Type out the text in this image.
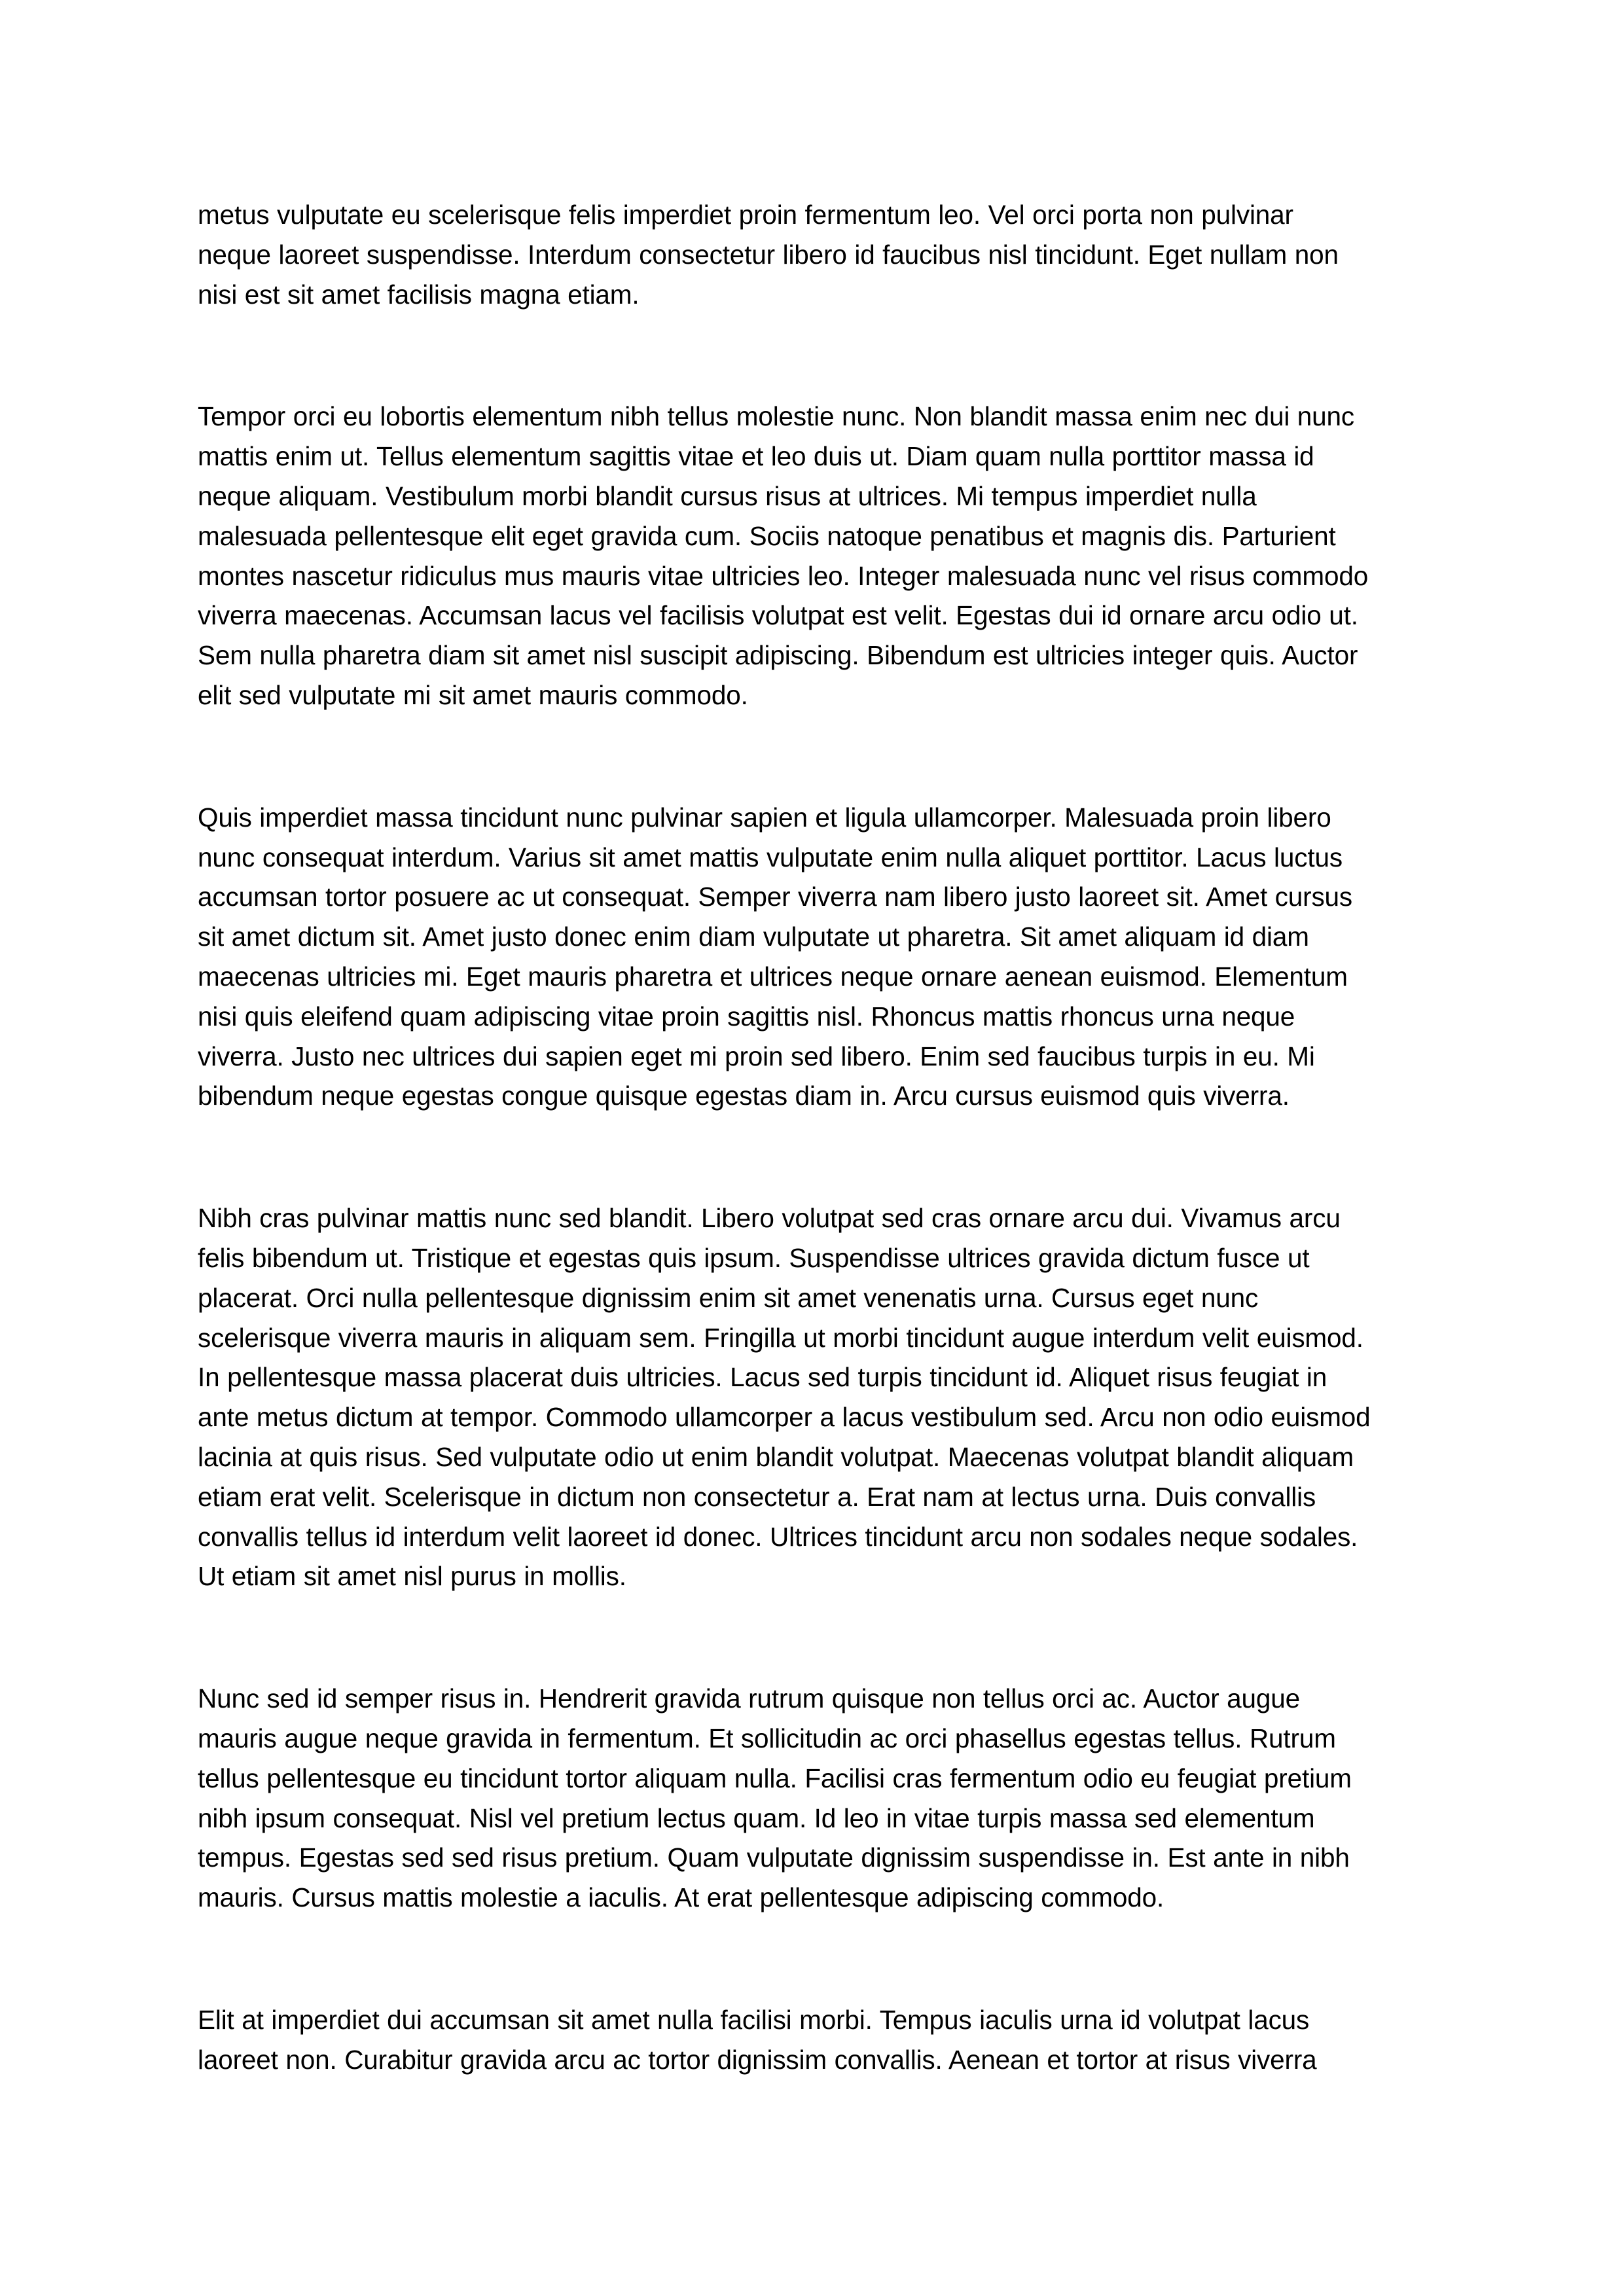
metus vulputate eu scelerisque felis imperdiet proin fermentum leo. Vel orci porta non pulvinar
neque laoreet suspendisse. Interdum consectetur libero id faucibus nisl tincidunt. Eget nullam non
nisi est sit amet facilisis magna etiam.
Tempor orci eu lobortis elementum nibh tellus molestie nunc. Non blandit massa enim nec dui nunc
mattis enim ut. Tellus elementum sagittis vitae et leo duis ut. Diam quam nulla porttitor massa id
neque aliquam. Vestibulum morbi blandit cursus risus at ultrices. Mi tempus imperdiet nulla
malesuada pellentesque elit eget gravida cum. Sociis natoque penatibus et magnis dis. Parturient
montes nascetur ridiculus mus mauris vitae ultricies leo. Integer malesuada nunc vel risus commodo
viverra maecenas. Accumsan lacus vel facilisis volutpat est velit. Egestas dui id ornare arcu odio ut.
Sem nulla pharetra diam sit amet nisl suscipit adipiscing. Bibendum est ultricies integer quis. Auctor
elit sed vulputate mi sit amet mauris commodo.
Quis imperdiet massa tincidunt nunc pulvinar sapien et ligula ullamcorper. Malesuada proin libero
nunc consequat interdum. Varius sit amet mattis vulputate enim nulla aliquet porttitor. Lacus luctus
accumsan tortor posuere ac ut consequat. Semper viverra nam libero justo laoreet sit. Amet cursus
sit amet dictum sit. Amet justo donec enim diam vulputate ut pharetra. Sit amet aliquam id diam
maecenas ultricies mi. Eget mauris pharetra et ultrices neque ornare aenean euismod. Elementum
nisi quis eleifend quam adipiscing vitae proin sagittis nisl. Rhoncus mattis rhoncus urna neque
viverra. Justo nec ultrices dui sapien eget mi proin sed libero. Enim sed faucibus turpis in eu. Mi
bibendum neque egestas congue quisque egestas diam in. Arcu cursus euismod quis viverra.
Nibh cras pulvinar mattis nunc sed blandit. Libero volutpat sed cras ornare arcu dui. Vivamus arcu
felis bibendum ut. Tristique et egestas quis ipsum. Suspendisse ultrices gravida dictum fusce ut
placerat. Orci nulla pellentesque dignissim enim sit amet venenatis urna. Cursus eget nunc
scelerisque viverra mauris in aliquam sem. Fringilla ut morbi tincidunt augue interdum velit euismod.
In pellentesque massa placerat duis ultricies. Lacus sed turpis tincidunt id. Aliquet risus feugiat in
ante metus dictum at tempor. Commodo ullamcorper a lacus vestibulum sed. Arcu non odio euismod
lacinia at quis risus. Sed vulputate odio ut enim blandit volutpat. Maecenas volutpat blandit aliquam
etiam erat velit. Scelerisque in dictum non consectetur a. Erat nam at lectus urna. Duis convallis
convallis tellus id interdum velit laoreet id donec. Ultrices tincidunt arcu non sodales neque sodales.
Ut etiam sit amet nisl purus in mollis.
Nunc sed id semper risus in. Hendrerit gravida rutrum quisque non tellus orci ac. Auctor augue
mauris augue neque gravida in fermentum. Et sollicitudin ac orci phasellus egestas tellus. Rutrum
tellus pellentesque eu tincidunt tortor aliquam nulla. Facilisi cras fermentum odio eu feugiat pretium
nibh ipsum consequat. Nisl vel pretium lectus quam. Id leo in vitae turpis massa sed elementum
tempus. Egestas sed sed risus pretium. Quam vulputate dignissim suspendisse in. Est ante in nibh
mauris. Cursus mattis molestie a iaculis. At erat pellentesque adipiscing commodo.
Elit at imperdiet dui accumsan sit amet nulla facilisi morbi. Tempus iaculis urna id volutpat lacus
laoreet non. Curabitur gravida arcu ac tortor dignissim convallis. Aenean et tortor at risus viverra
